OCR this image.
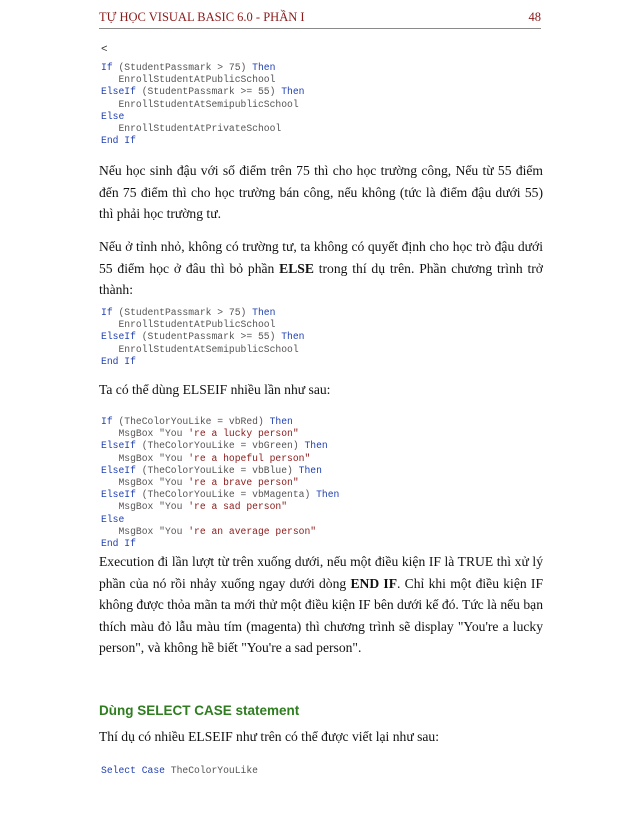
TỰ HỌC VISUAL BASIC 6.0 - PHẦN I	48
<
If (StudentPassmark > 75) Then
EnrollStudentAtPublicSchool
ElseIf (StudentPassmark >= 55) Then
EnrollStudentAtSemipublicSchool
Else
EnrollStudentAtPrivateSchool
End If

Nếu học sinh đậu với số điểm trên 75 thì cho học trường công, Nếu từ 55 điểm đến 75 điểm thì cho học trường bán công, nếu không (tức là điểm đậu dưới 55) thì phải học trường tư.

Nếu ở tỉnh nhỏ, không có trường tư, ta không có quyết định cho học trò đậu dưới 55 điểm học ở đâu thì bỏ phần ELSE trong thí dụ trên. Phần chương trình trở thành:

If (StudentPassmark > 75) Then
EnrollStudentAtPublicSchool
ElseIf (StudentPassmark >= 55) Then
EnrollStudentAtSemipublicSchool
End If

Ta có thể dùng ELSEIF nhiều lần như sau:

If (TheColorYouLike = vbRed) Then
MsgBox "You 're a lucky person"
ElseIf (TheColorYouLike = vbGreen) Then
MsgBox "You 're a hopeful person"
ElseIf (TheColorYouLike = vbBlue) Then
MsgBox "You 're a brave person"
ElseIf (TheColorYouLike = vbMagenta) Then
MsgBox "You 're a sad person"
Else
MsgBox "You 're an average person"
End If

Execution đi lần lượt từ trên xuống dưới, nếu một điều kiện IF là TRUE thì xử lý phần của nó rồi nhảy xuống ngay dưới dòng END IF. Chỉ khi một điều kiện IF không được thỏa mãn ta mới thử một điều kiện IF bên dưới kế đó. Tức là nếu bạn thích màu đỏ lẫu màu tím (magenta) thì chương trình sẽ display "You're a lucky person", và không hề biết "You're a sad person".

Dùng SELECT CASE statement

Thí dụ có nhiều ELSEIF như trên có thể được viết lại như sau:

Select Case TheColorYouLike
